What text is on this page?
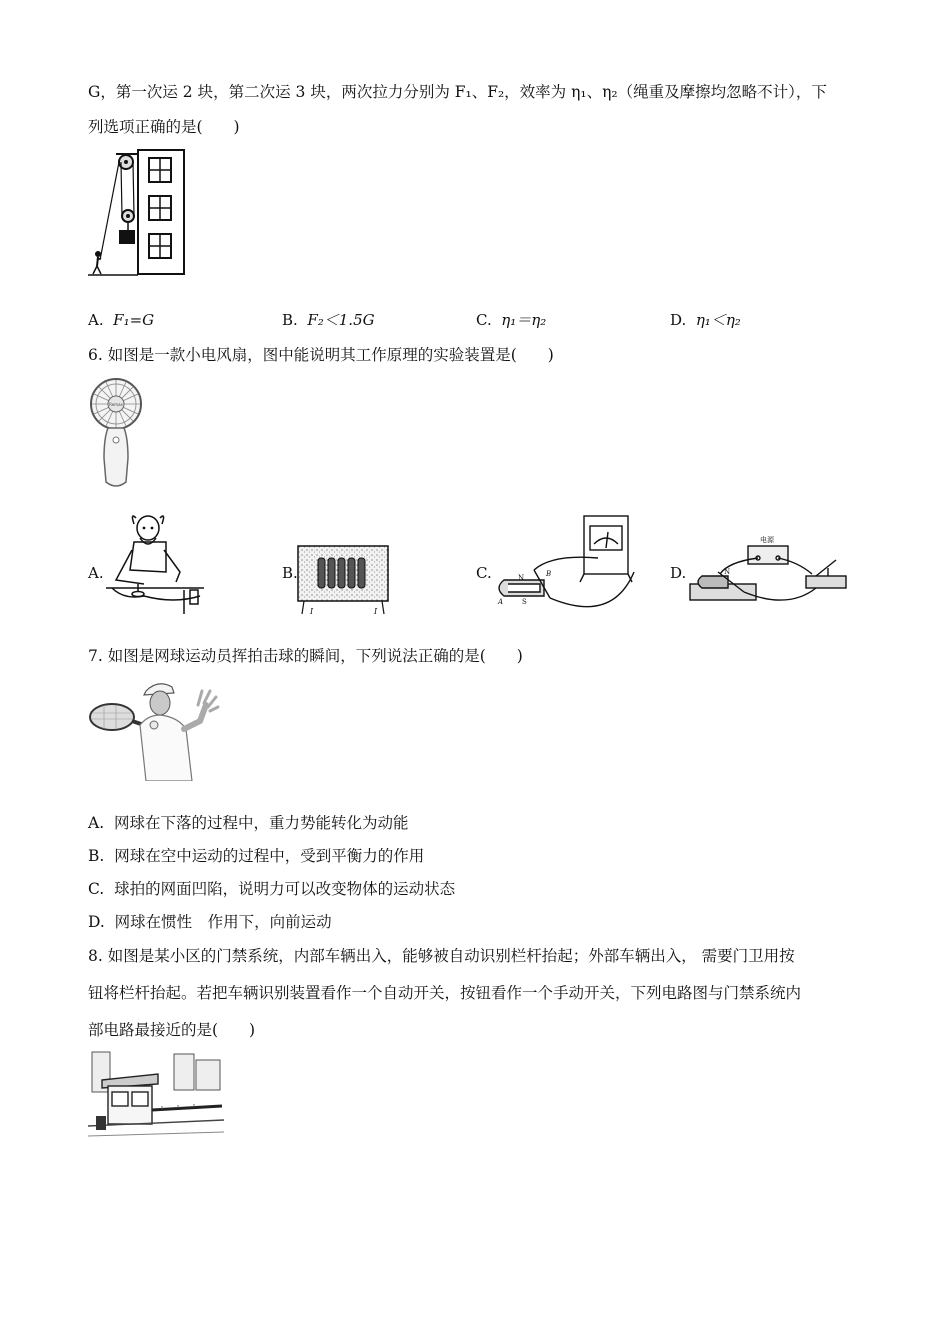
G，第一次运 2 块，第二次运 3 块，两次拉力分别为 F₁、F₂，效率为 η₁、η₂（绳重及摩擦均忽略不计），下
列选项正确的是(　　)
A. F₁=G	B. F₂＜1.5G	C. η₁＝η₂	D. η₁＜η₂
6. 如图是一款小电风扇，图中能说明其工作原理的实验装置是(　　)
Remax
A.	B.	C.	D.
I	I
N
S
A
B
电源
N
7. 如图是网球运动员挥拍击球的瞬间，下列说法正确的是(　　)
A. 网球在下落的过程中，重力势能转化为动能
B. 网球在空中运动的过程中，受到平衡力的作用
C. 球拍的网面凹陷，说明力可以改变物体的运动状态
D. 网球在惯性　作用下，向前运动
8. 如图是某小区的门禁系统，内部车辆出入，能够被自动识别栏杆抬起；外部车辆出入， 需要门卫用按
钮将栏杆抬起。若把车辆识别装置看作一个自动开关，按钮看作一个手动开关，下列电路图与门禁系统内
部电路最接近的是(　　)
